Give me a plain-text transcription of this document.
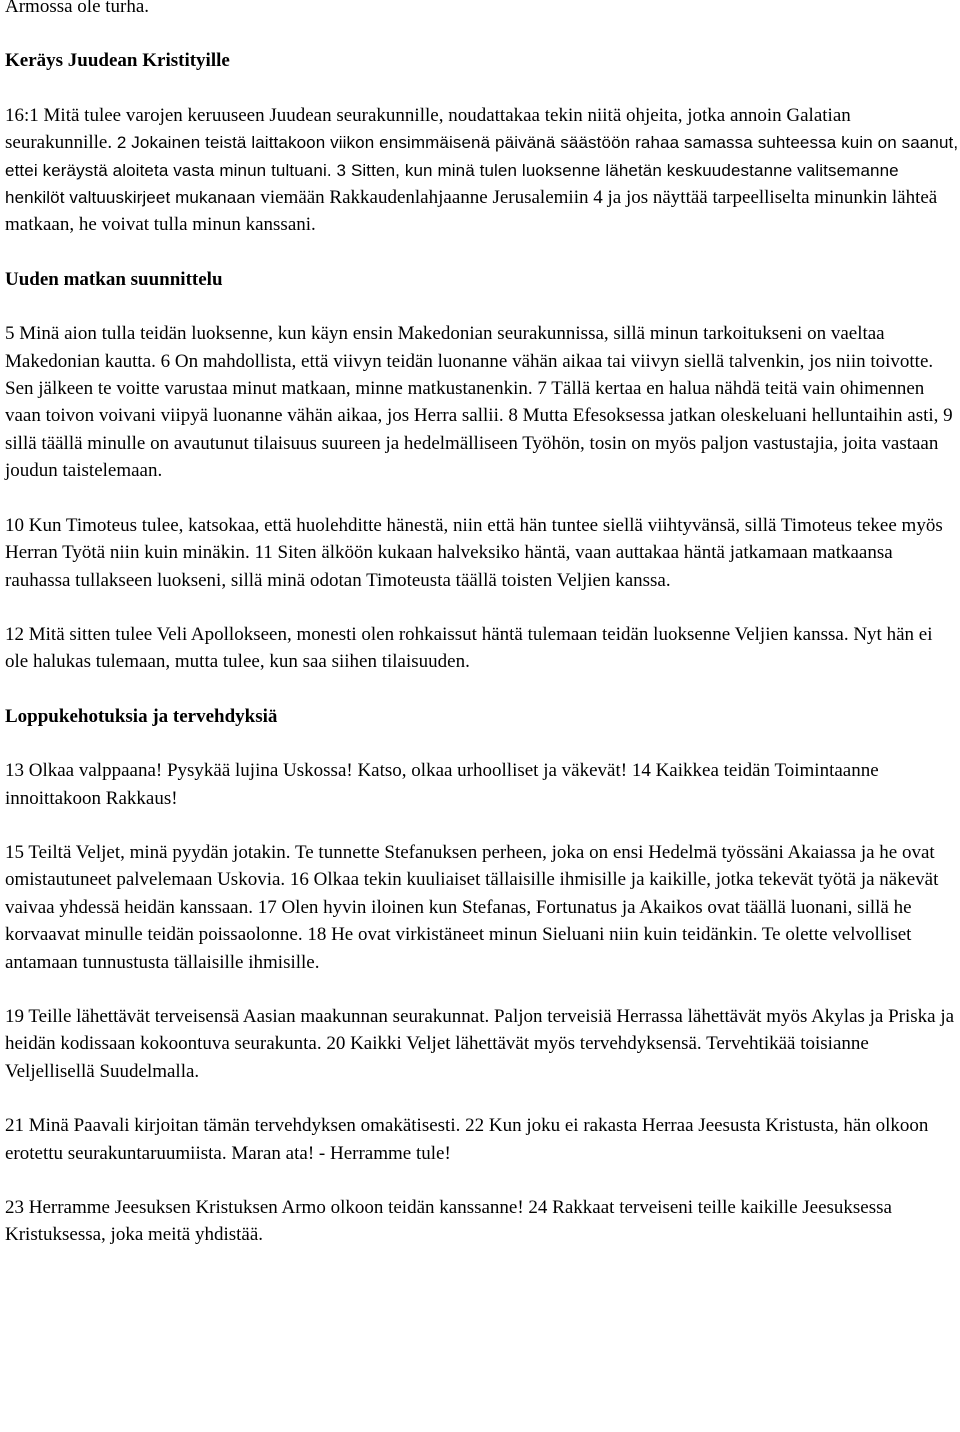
Armossa ole turha.

Keräys Juudean Kristityille

16:1 Mitä tulee varojen keruuseen Juudean seurakunnille, noudattakaa tekin niitä ohjeita, jotka annoin Galatian seurakunnille. 2 Jokainen teistä laittakoon viikon ensimmäisenä päivänä säästöön rahaa samassa suhteessa kuin on saanut, ettei keräystä aloiteta vasta minun tultuani. 3 Sitten, kun minä tulen luoksenne lähetän keskuudestanne valitsemanne henkilöt valtuuskirjeet mukanaan viemään Rakkaudenlahjaanne Jerusalemiin 4 ja jos näyttää tarpeelliselta minunkin lähteä matkaan, he voivat tulla minun kanssani.

Uuden matkan suunnittelu

5 Minä aion tulla teidän luoksenne, kun käyn ensin Makedonian seurakunnissa, sillä minun tarkoitukseni on vaeltaa Makedonian kautta. 6 On mahdollista, että viivyn teidän luonanne vähän aikaa tai viivyn siellä talvenkin, jos niin toivotte. Sen jälkeen te voitte varustaa minut matkaan, minne matkustanenkin. 7 Tällä kertaa en halua nähdä teitä vain ohimennen vaan toivon voivani viipyä luonanne vähän aikaa, jos Herra sallii. 8 Mutta Efesoksessa jatkan oleskeluani helluntaihin asti, 9 sillä täällä minulle on avautunut tilaisuus suureen ja hedelmälliseen Työhön, tosin on myös paljon vastustajia, joita vastaan joudun taistelemaan.

10 Kun Timoteus tulee, katsokaa, että huolehditte hänestä, niin että hän tuntee siellä viihtyvänsä, sillä Timoteus tekee myös Herran Työtä niin kuin minäkin. 11 Siten älköön kukaan halveksiko häntä, vaan auttakaa häntä jatkamaan matkaansa rauhassa tullakseen luokseni, sillä minä odotan Timoteusta täällä toisten Veljien kanssa.

12 Mitä sitten tulee Veli Apollokseen, monesti olen rohkaissut häntä tulemaan teidän luoksenne Veljien kanssa. Nyt hän ei ole halukas tulemaan, mutta tulee, kun saa siihen tilaisuuden.

Loppukehotuksia ja tervehdyksiä

13 Olkaa valppaana! Pysykää lujina Uskossa! Katso, olkaa urhoolliset ja väkevät! 14 Kaikkea teidän Toimintaanne innoittakoon Rakkaus!

15 Teiltä Veljet, minä pyydän jotakin. Te tunnette Stefanuksen perheen, joka on ensi Hedelmä työssäni Akaiassa ja he ovat omistautuneet palvelemaan Uskovia. 16 Olkaa tekin kuuliaiset tällaisille ihmisille ja kaikille, jotka tekevät työtä ja näkevät vaivaa yhdessä heidän kanssaan. 17 Olen hyvin iloinen kun Stefanas, Fortunatus ja Akaikos ovat täällä luonani, sillä he korvaavat minulle teidän poissaolonne. 18 He ovat virkistäneet minun Sieluani niin kuin teidänkin. Te olette velvolliset antamaan tunnustusta tällaisille ihmisille.

19 Teille lähettävät terveisensä Aasian maakunnan seurakunnat. Paljon terveisiä Herrassa lähettävät myös Akylas ja Priska ja heidän kodissaan kokoontuva seurakunta. 20 Kaikki Veljet lähettävät myös tervehdyksensä. Tervehtikää toisianne Veljellisellä Suudelmalla.

21 Minä Paavali kirjoitan tämän tervehdyksen omakätisesti. 22 Kun joku ei rakasta Herraa Jeesusta Kristusta, hän olkoon erotettu seurakuntaruumiista. Maran ata! - Herramme tule!

23 Herramme Jeesuksen Kristuksen Armo olkoon teidän kanssanne! 24 Rakkaat terveiseni teille kaikille Jeesuksessa Kristuksessa, joka meitä yhdistää.
